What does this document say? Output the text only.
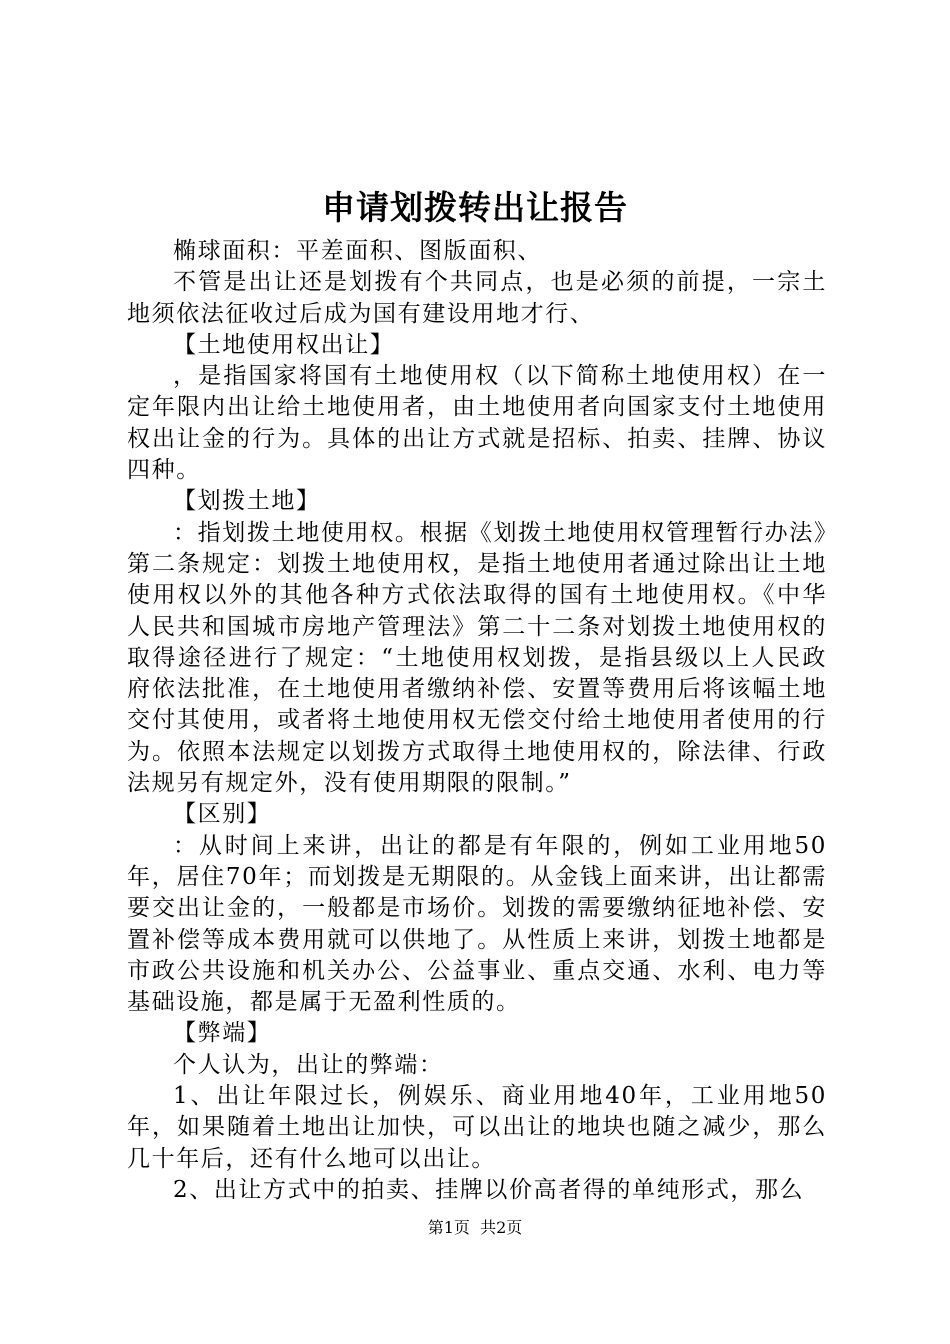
申请划拨转出让报告

椭球面积：平差面积、图版面积、

不管是出让还是划拨有个共同点，也是必须的前提，一宗土地须依法征收过后成为国有建设用地才行、

【土地使用权出让】

，是指国家将国有土地使用权（以下简称土地使用权）在一定年限内出让给土地使用者，由土地使用者向国家支付土地使用权出让金的行为。具体的出让方式就是招标、拍卖、挂牌、协议四种。

【划拨土地】

：指划拨土地使用权。根据《划拨土地使用权管理暂行办法》第二条规定：划拨土地使用权，是指土地使用者通过除出让土地使用权以外的其他各种方式依法取得的国有土地使用权。《中华人民共和国城市房地产管理法》第二十二条对划拨土地使用权的取得途径进行了规定：“土地使用权划拨，是指县级以上人民政府依法批准，在土地使用者缴纳补偿、安置等费用后将该幅土地交付其使用，或者将土地使用权无偿交付给土地使用者使用的行为。依照本法规定以划拨方式取得土地使用权的，除法律、行政法规另有规定外，没有使用期限的限制。”

【区别】

：从时间上来讲，出让的都是有年限的，例如工业用地50年，居住70年；而划拨是无期限的。从金钱上面来讲，出让都需要交出让金的，一般都是市场价。划拨的需要缴纳征地补偿、安置补偿等成本费用就可以供地了。从性质上来讲，划拨土地都是市政公共设施和机关办公、公益事业、重点交通、水利、电力等基础设施，都是属于无盈利性质的。

【弊端】

个人认为，出让的弊端：

1、出让年限过长，例娱乐、商业用地40年，工业用地50年，如果随着土地出让加快，可以出让的地块也随之减少，那么几十年后，还有什么地可以出让。

2、出让方式中的拍卖、挂牌以价高者得的单纯形式，那么

第1页  共2页
